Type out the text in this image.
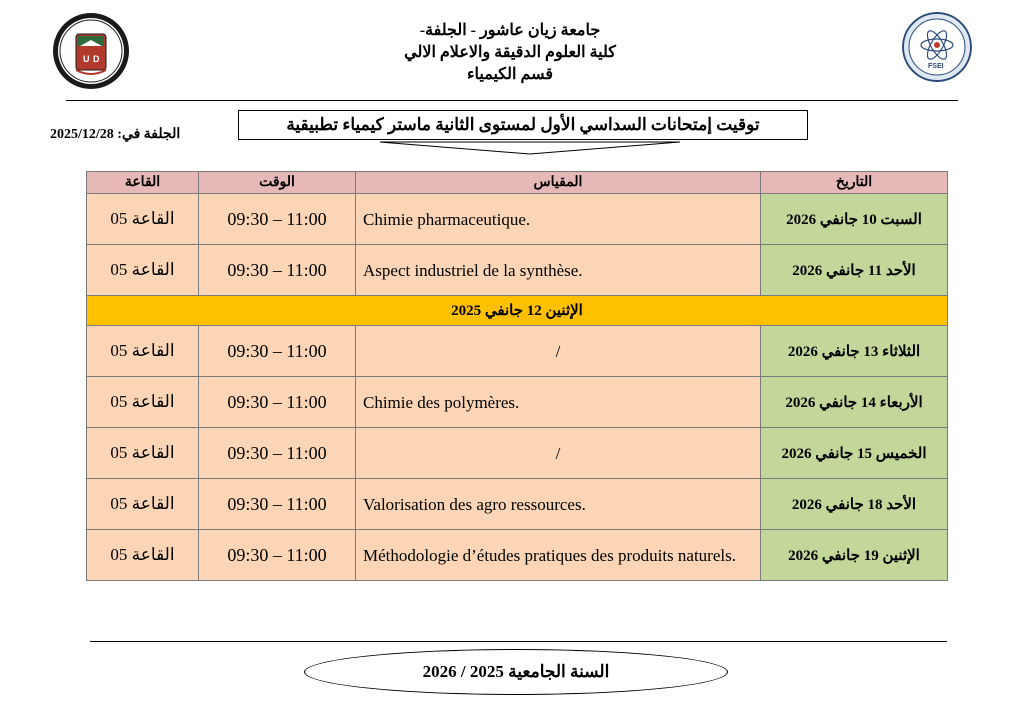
U D
FSEI
جامعة زيان عاشور - الجلفة-
كلية العلوم الدقيقة والاعلام الالي
قسم الكيمياء
توقيت إمتحانات السداسي الأول لمستوى الثانية ماستر كيمياء تطبيقية
الجلفة في: 2025/12/28
القاعة	الوقت	المقياس	التاريخ
القاعة 05	09:30 – 11:00	Chimie pharmaceutique.	السبت 10 جانفي 2026
القاعة 05	09:30 – 11:00	Aspect industriel de la synthèse.	الأحد 11 جانفي 2026
الإثنين 12 جانفي 2025			
القاعة 05	09:30 – 11:00	/	الثلاثاء 13 جانفي 2026
القاعة 05	09:30 – 11:00	Chimie des polymères.	الأربعاء 14 جانفي 2026
القاعة 05	09:30 – 11:00	/	الخميس 15 جانفي 2026
القاعة 05	09:30 – 11:00	Valorisation des agro ressources.	الأحد 18 جانفي 2026
القاعة 05	09:30 – 11:00	Méthodologie d’études pratiques des produits naturels.	الإثنين 19 جانفي 2026
السنة الجامعية 2025 / 2026
